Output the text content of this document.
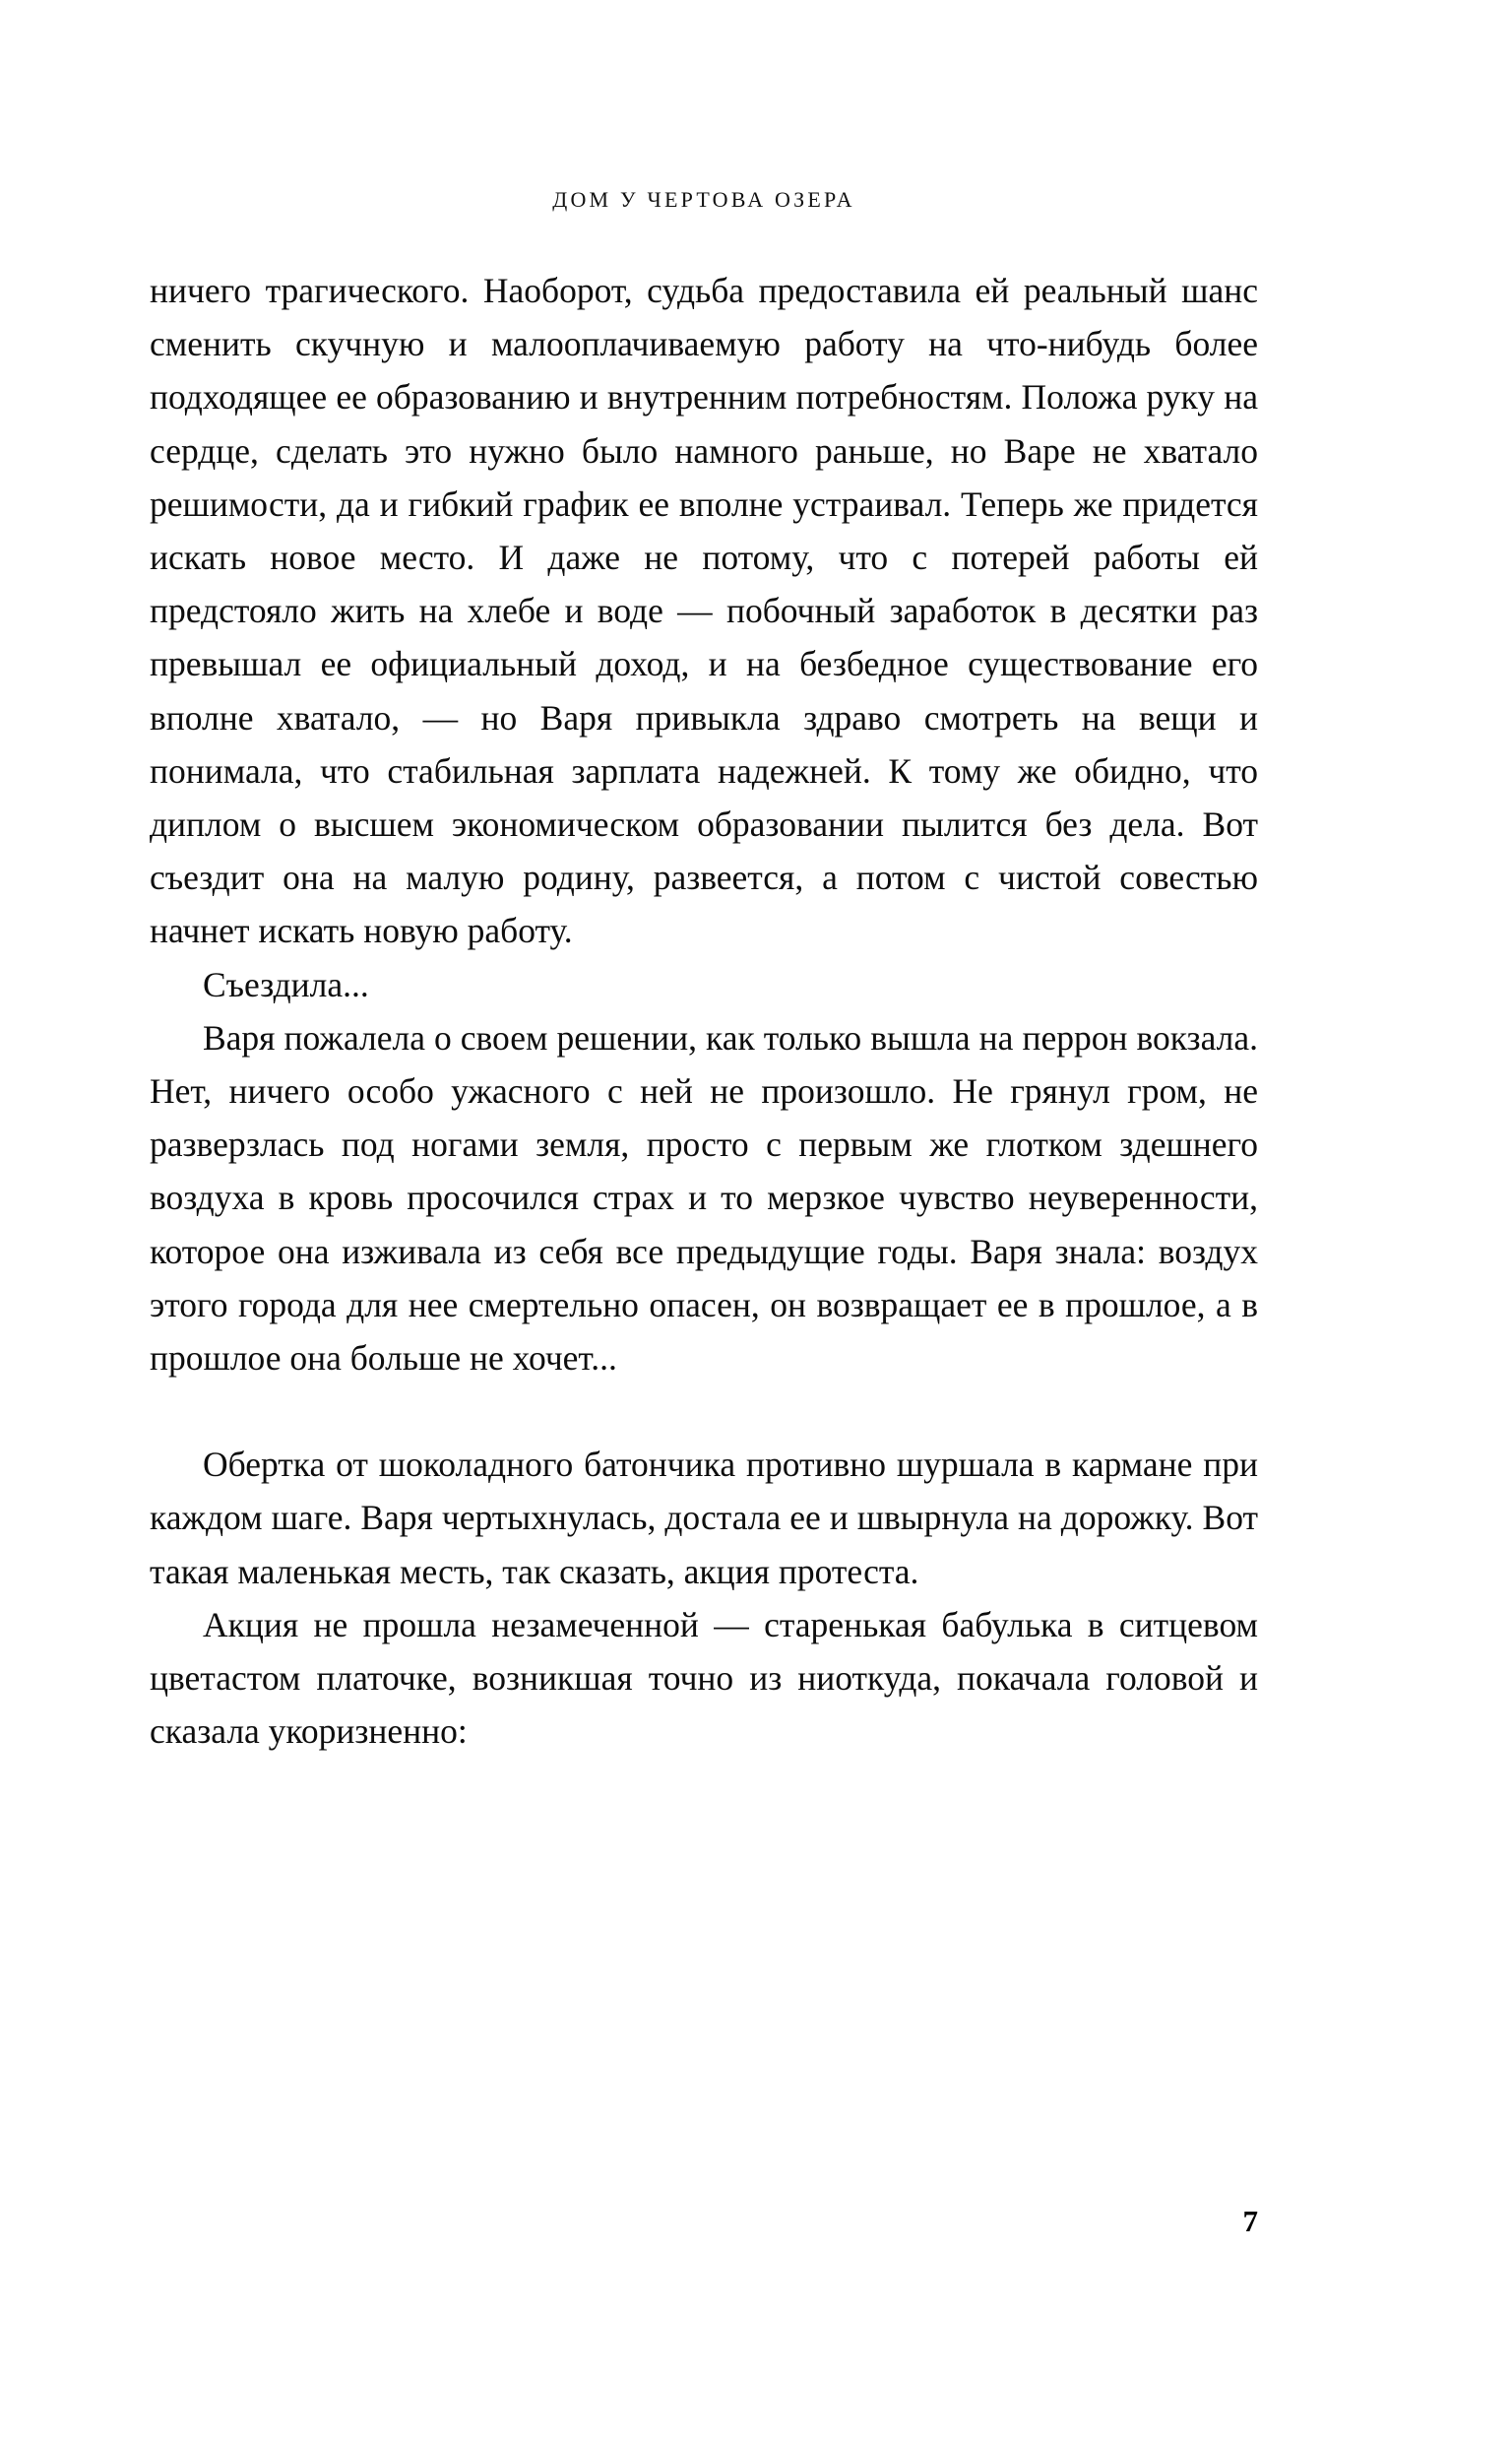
ДОМ У ЧЕРТОВА ОЗЕРА

ничего трагического. Наоборот, судьба предоставила ей реальный шанс сменить скучную и малооплачиваемую работу на что-нибудь более подходящее ее образованию и внутренним потребностям. Положа руку на сердце, сделать это нужно было намного раньше, но Варе не хватало решимости, да и гибкий график ее вполне устраивал. Теперь же придется искать новое место. И даже не потому, что с потерей работы ей предстояло жить на хлебе и воде — побочный заработок в десятки раз превышал ее официальный доход, и на безбедное существование его вполне хватало, — но Варя привыкла здраво смотреть на вещи и понимала, что стабильная зарплата надежней. К тому же обидно, что диплом о высшем экономическом образовании пылится без дела. Вот съездит она на малую родину, развеется, а потом с чистой совестью начнет искать новую работу.

Съездила...

Варя пожалела о своем решении, как только вышла на перрон вокзала. Нет, ничего особо ужасного с ней не произошло. Не грянул гром, не разверзлась под ногами земля, просто с первым же глотком здешнего воздуха в кровь просочился страх и то мерзкое чувство неуверенности, которое она изживала из себя все предыдущие годы. Варя знала: воздух этого города для нее смертельно опасен, он возвращает ее в прошлое, а в прошлое она больше не хочет...

Обертка от шоколадного батончика противно шуршала в кармане при каждом шаге. Варя чертыхнулась, достала ее и швырнула на дорожку. Вот такая маленькая месть, так сказать, акция протеста.

Акция не прошла незамеченной — старенькая бабулька в ситцевом цветастом платочке, возникшая точно из ниоткуда, покачала головой и сказала укоризненно:

7
